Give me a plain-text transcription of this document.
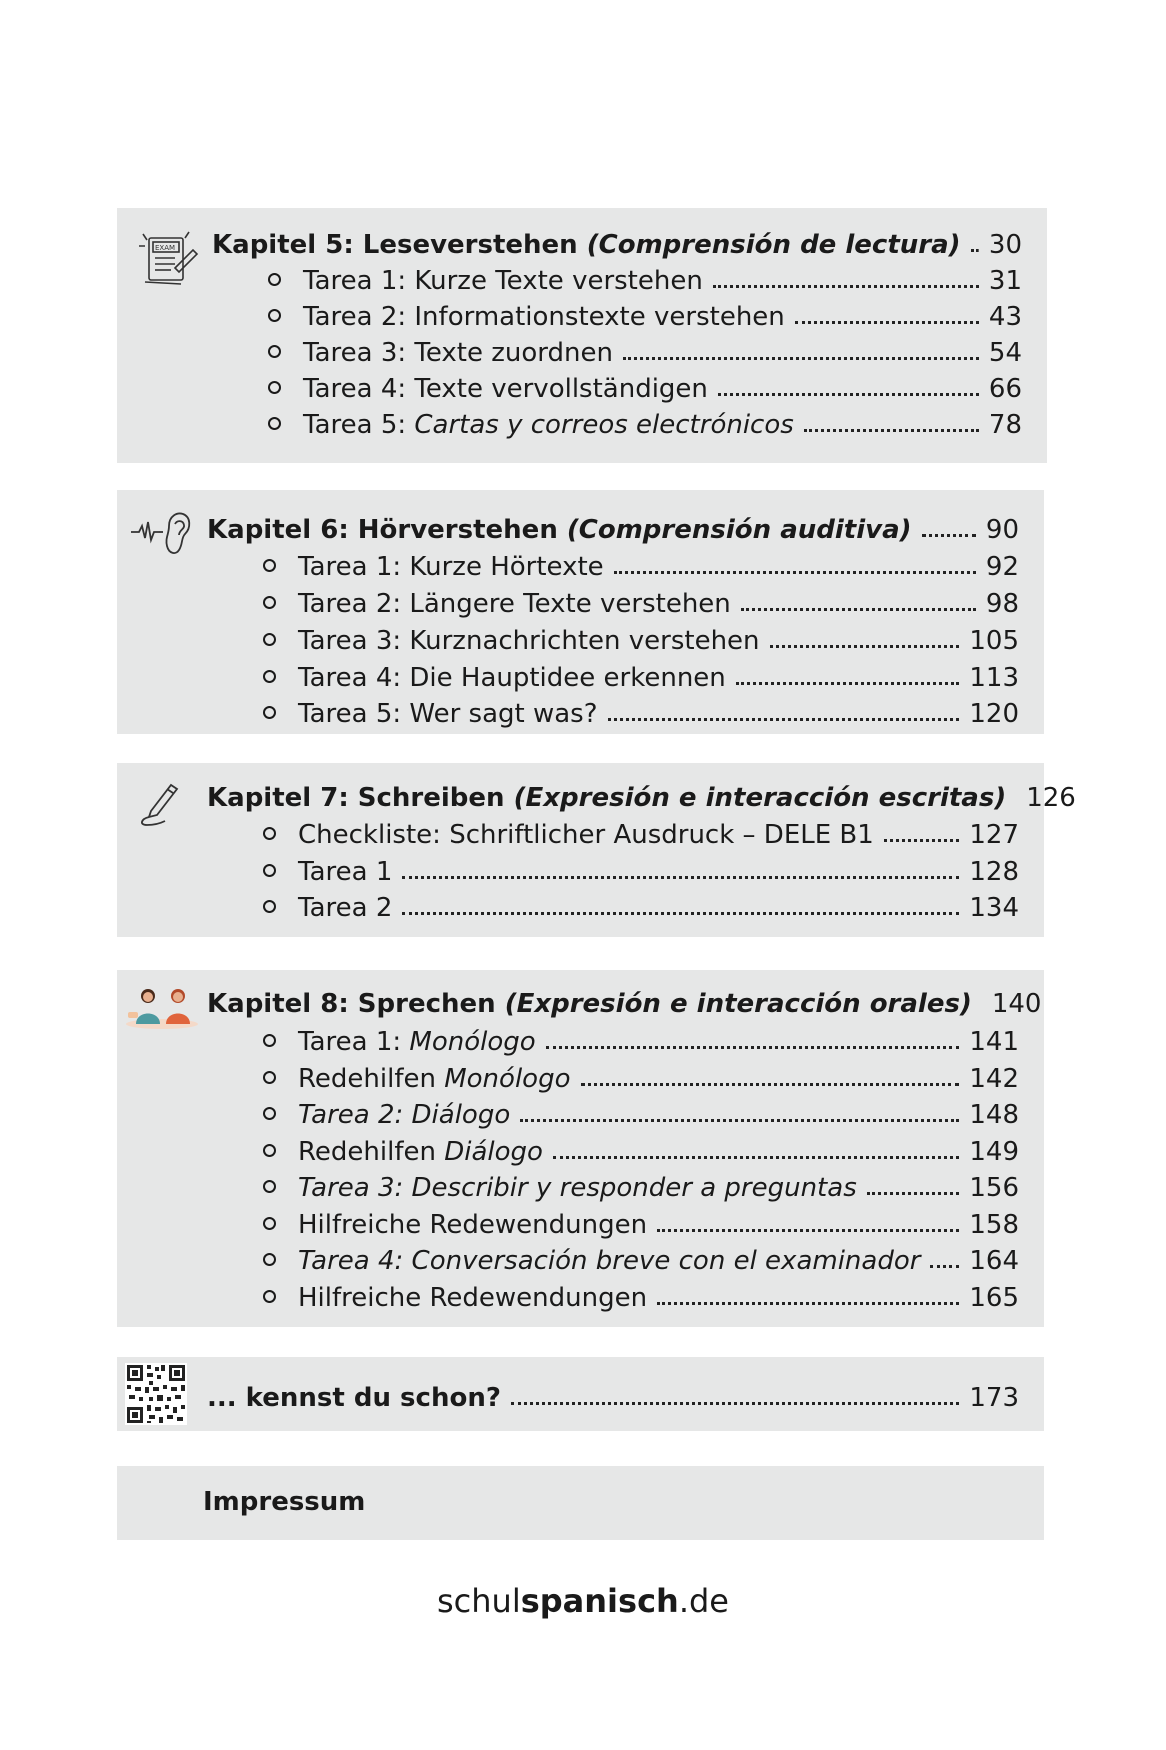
EXAM Kapitel 5: Leseverstehen (Comprensión de lectura) 30
Tarea 1: Kurze Texte verstehen	31
Tarea 2: Informationstexte verstehen	43
Tarea 3: Texte zuordnen	54
Tarea 4: Texte vervollständigen	66
Tarea 5: Cartas y correos electrónicos	78
Kapitel 6: Hörverstehen (Comprensión auditiva)	90
Tarea 1: Kurze Hörtexte	92
Tarea 2: Längere Texte verstehen	98
Tarea 3: Kurznachrichten verstehen	105
Tarea 4: Die Hauptidee erkennen	113
Tarea 5: Wer sagt was?	120
Kapitel 7: Schreiben (Expresión e interacción escritas) 126
Checkliste: Schriftlicher Ausdruck – DELE B1	127
Tarea 1	128
Tarea 2	134
Kapitel 8: Sprechen (Expresión e interacción orales) 140
Tarea 1: Monólogo	141
Redehilfen Monólogo	142
Tarea 2: Diálogo	148
Redehilfen Diálogo	149
Tarea 3: Describir y responder a preguntas	156
Hilfreiche Redewendungen	158
Tarea 4: Conversación breve con el examinador 164
Hilfreiche Redewendungen	165
... kennst du schon?	173
Impressum
schulspanisch.de
